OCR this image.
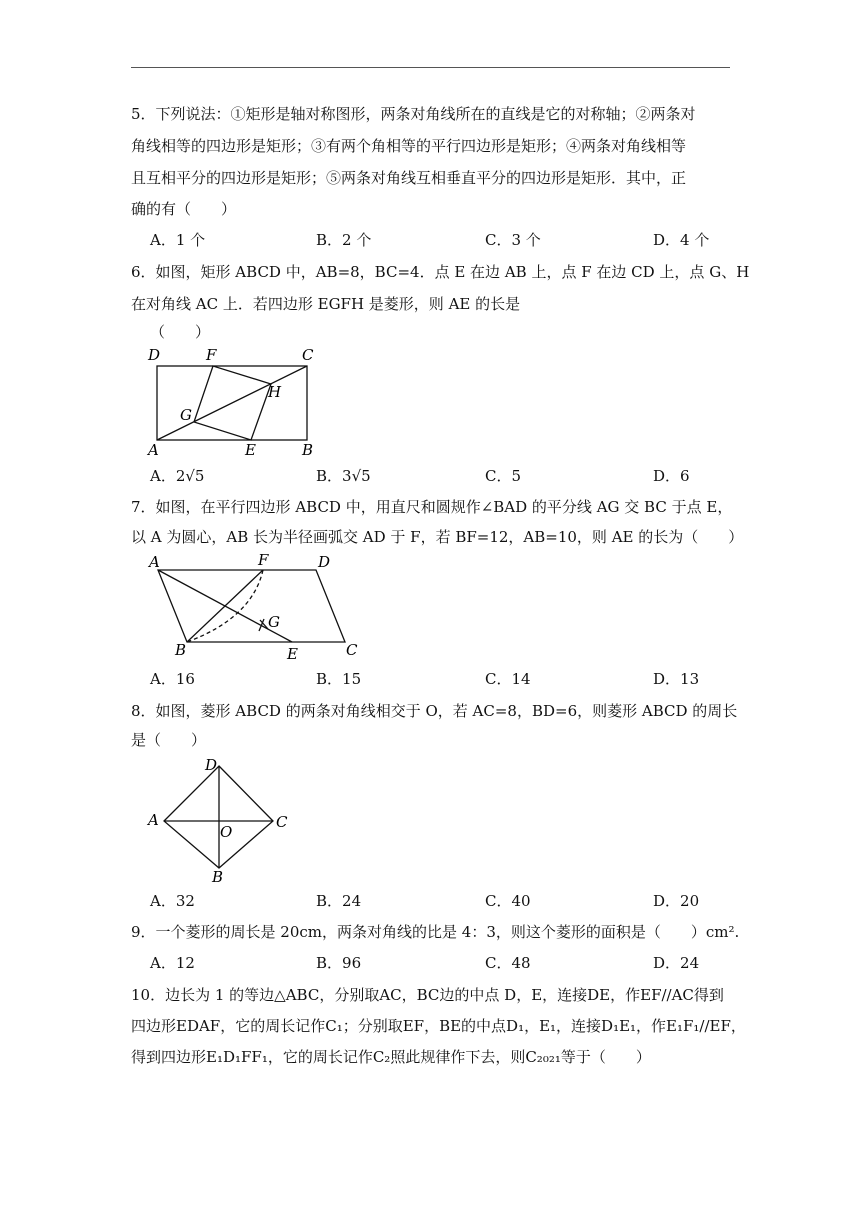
5．下列说法：①矩形是轴对称图形，两条对角线所在的直线是它的对称轴；②两条对
角线相等的四边形是矩形；③有两个角相等的平行四边形是矩形；④两条对角线相等
且互相平分的四边形是矩形；⑤两条对角线互相垂直平分的四边形是矩形．其中，正
确的有（　　）
A．1 个	B．2 个	C．3 个	D．4 个
6．如图，矩形 ABCD 中，AB=8，BC=4．点 E 在边 AB 上，点 F 在边 CD 上，点 G、H
在对角线 AC 上．若四边形 EGFH 是菱形，则 AE 的长是
（　　）
D	F	C
H
G
A	E	B
A．2√5	B．3√5	C．5	D．6
7．如图，在平行四边形 ABCD 中，用直尺和圆规作∠BAD 的平分线 AG 交 BC 于点 E，
以 A 为圆心，AB 长为半径画弧交 AD 于 F，若 BF=12，AB=10，则 AE 的长为（　　）
A	F	D
G
B	E	C
A．16	B．15	C．14	D．13
8．如图，菱形 ABCD 的两条对角线相交于 O，若 AC=8，BD=6，则菱形 ABCD 的周长
是（　　）
D
A
O
C
B
A．32	B．24	C．40	D．20
9．一个菱形的周长是 20cm，两条对角线的比是 4：3，则这个菱形的面积是（　　）cm².
A．12	B．96	C．48	D．24
10．边长为 1 的等边△ABC，分别取AC，BC边的中点 D，E，连接DE，作EF//AC得到
四边形EDAF，它的周长记作C₁；分别取EF，BE的中点D₁，E₁，连接D₁E₁，作E₁F₁//EF，
得到四边形E₁D₁FF₁，它的周长记作C₂照此规律作下去，则C₂₀₂₁等于（　　）
